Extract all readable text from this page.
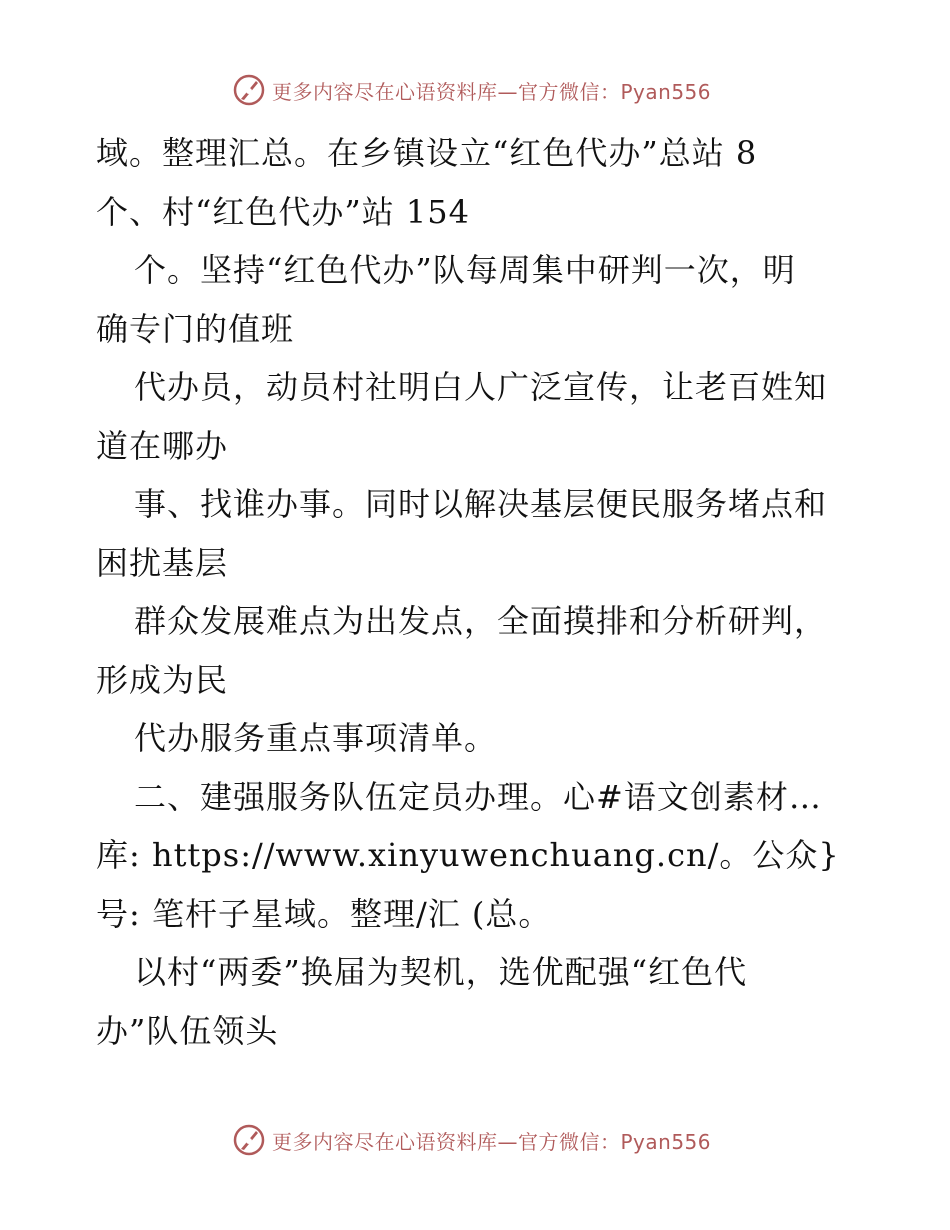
更多内容尽在心语资料库—官方微信：Pyan556
域。整理汇总。在乡镇设立“红色代办”总站 8
个、村“红色代办”站 154
个。坚持“红色代办”队每周集中研判一次，明
确专门的值班
代办员，动员村社明白人广泛宣传，让老百姓知
道在哪办
事、找谁办事。同时以解决基层便民服务堵点和
困扰基层
群众发展难点为出发点，全面摸排和分析研判，
形成为民
代办服务重点事项清单。
二、建强服务队伍定员办理。心#语文创素材…
库: https://www.xinyuwenchuang.cn/。公众}
号: 笔杆子星域。整理/汇 (总。
以村“两委”换届为契机，选优配强“红色代
办”队伍领头
更多内容尽在心语资料库—官方微信：Pyan556
